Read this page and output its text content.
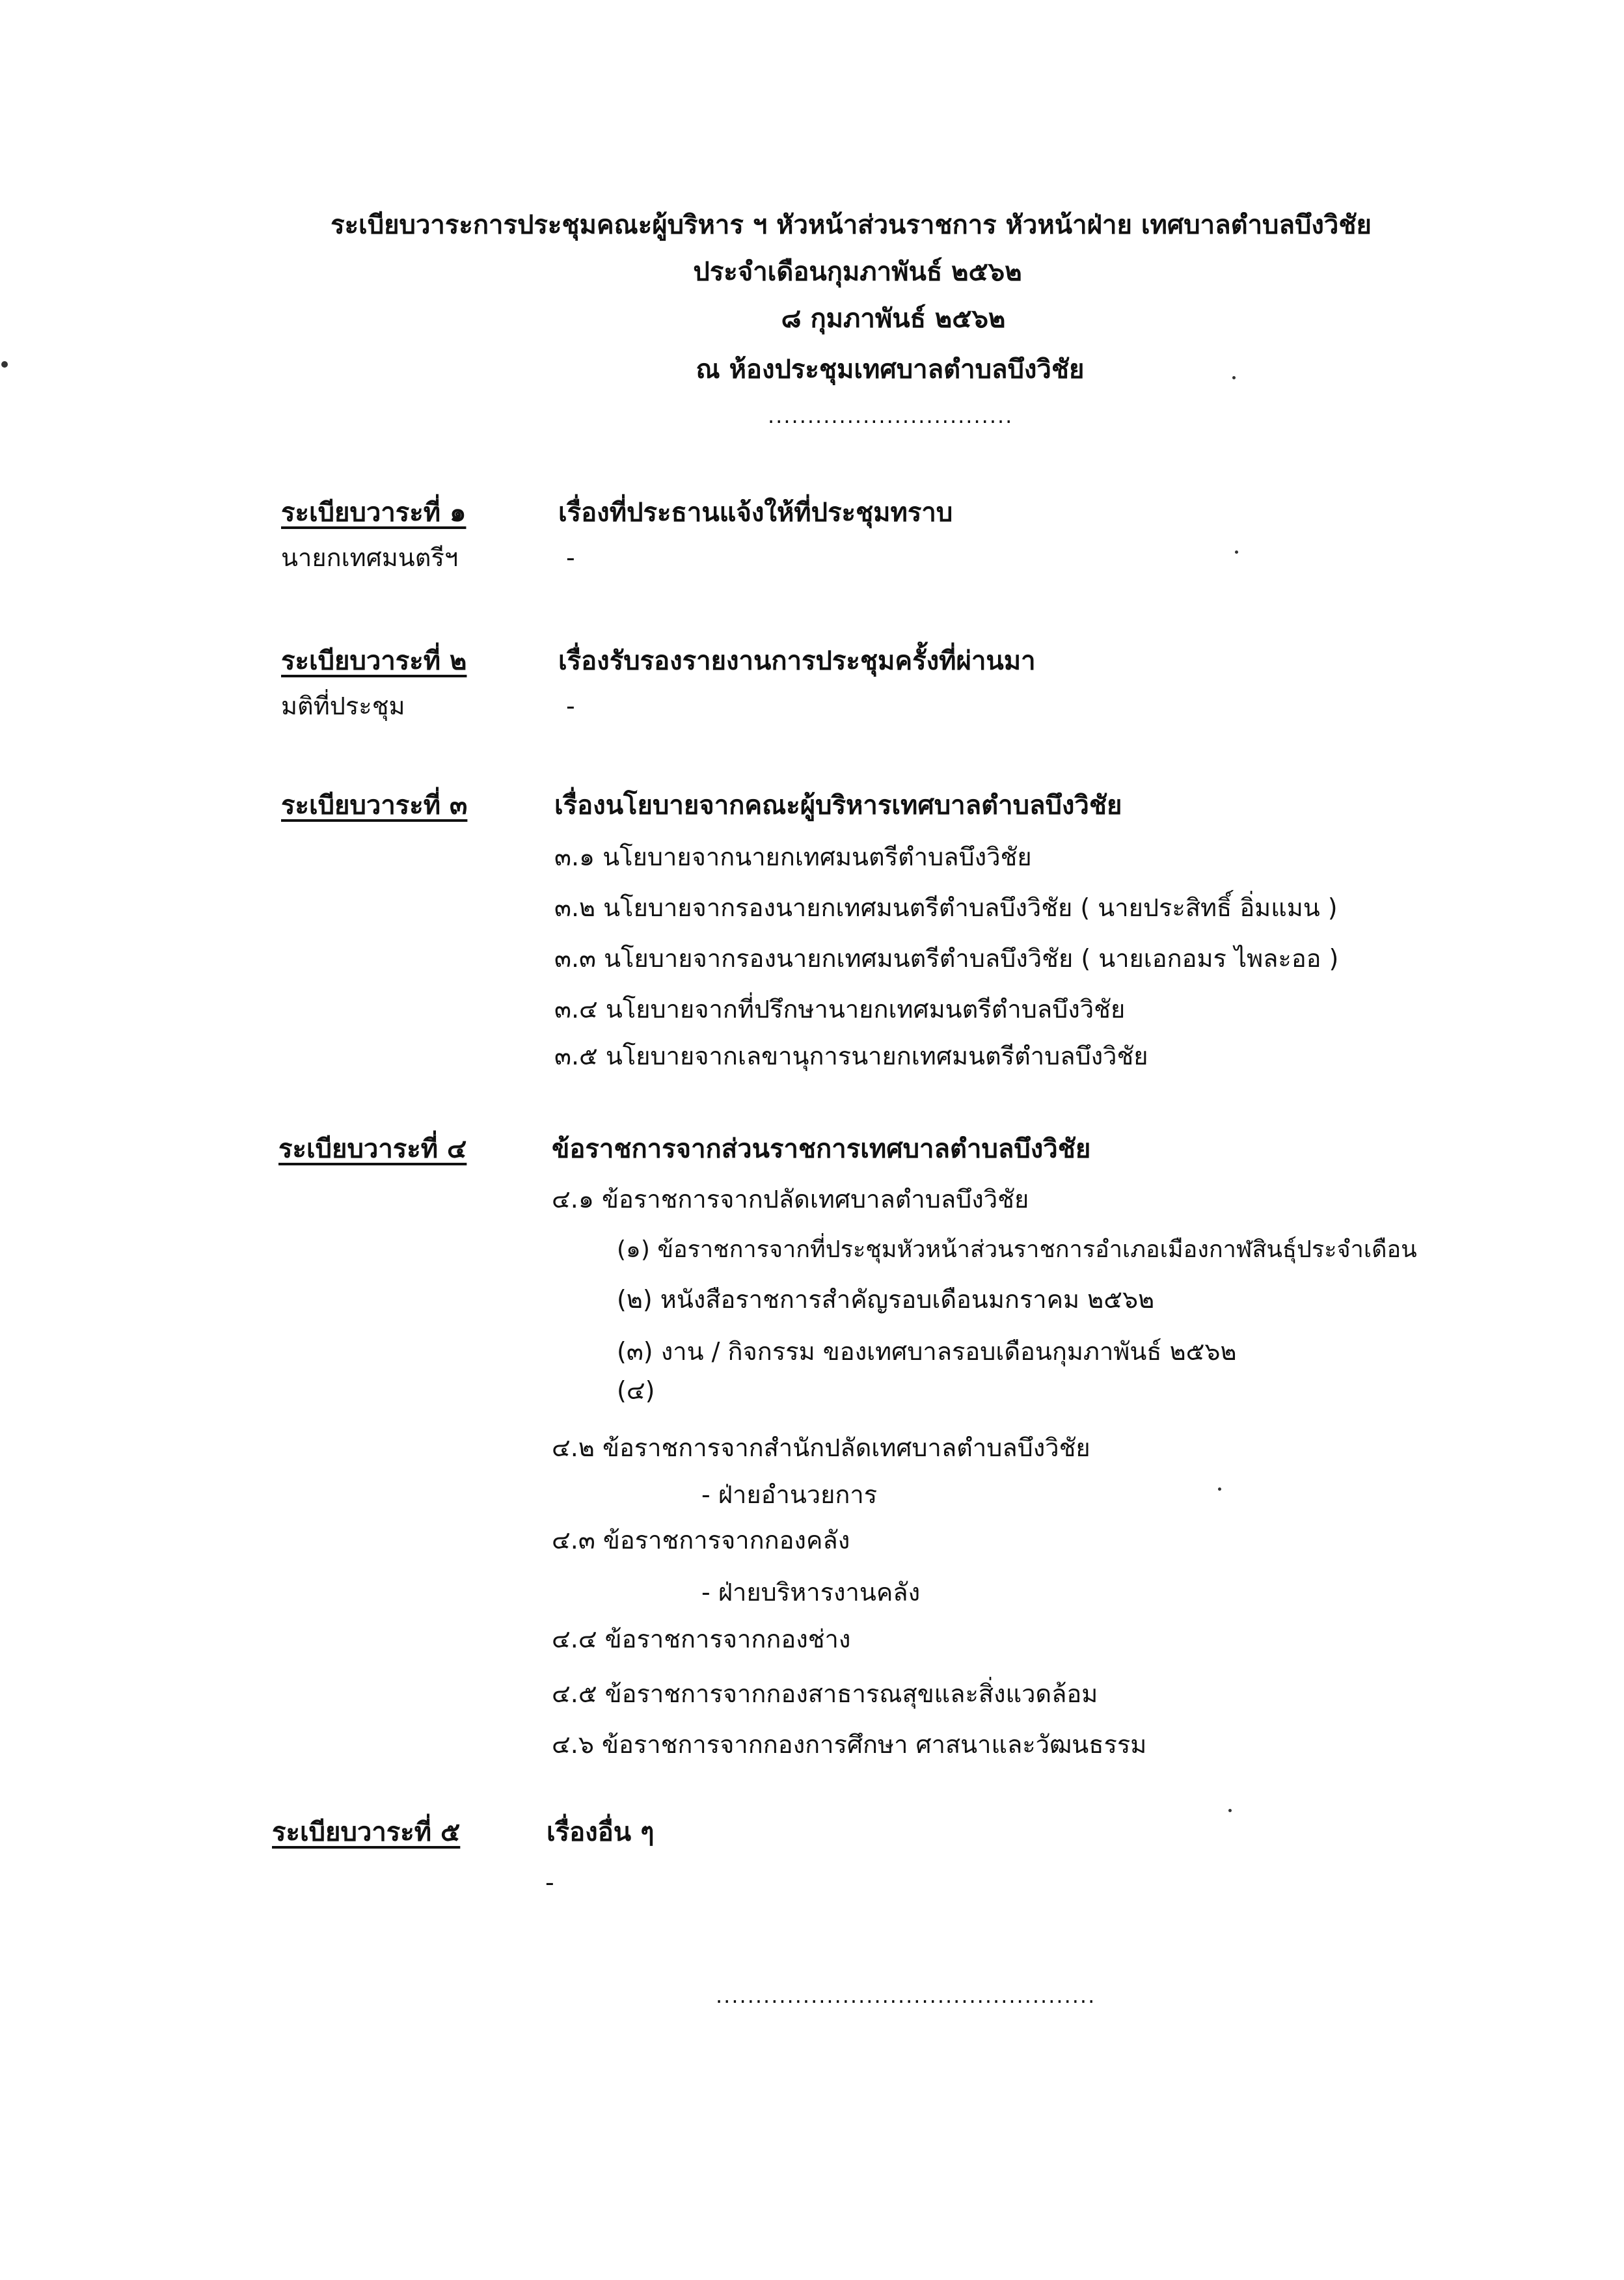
ระเบียบวาระการประชุมคณะผู้บริหาร ฯ หัวหน้าส่วนราชการ หัวหน้าฝ่าย เทศบาลตำบลบึงวิชัย
ประจำเดือนกุมภาพันธ์ ๒๕๖๒
๘ กุมภาพันธ์ ๒๕๖๒
ณ ห้องประชุมเทศบาลตำบลบึงวิชัย
...............................
ระเบียบวาระที่ ๑	เรื่องที่ประธานแจ้งให้ที่ประชุมทราบ
นายกเทศมนตรีฯ	-
ระเบียบวาระที่ ๒	เรื่องรับรองรายงานการประชุมครั้งที่ผ่านมา
มติที่ประชุม	-
ระเบียบวาระที่ ๓	เรื่องนโยบายจากคณะผู้บริหารเทศบาลตำบลบึงวิชัย
๓.๑ นโยบายจากนายกเทศมนตรีตำบลบึงวิชัย
๓.๒ นโยบายจากรองนายกเทศมนตรีตำบลบึงวิชัย ( นายประสิทธิ์ อิ่มแมน )
๓.๓ นโยบายจากรองนายกเทศมนตรีตำบลบึงวิชัย ( นายเอกอมร ไพละออ )
๓.๔ นโยบายจากที่ปรึกษานายกเทศมนตรีตำบลบึงวิชัย
๓.๕ นโยบายจากเลขานุการนายกเทศมนตรีตำบลบึงวิชัย
ระเบียบวาระที่ ๔	ข้อราชการจากส่วนราชการเทศบาลตำบลบึงวิชัย
๔.๑ ข้อราชการจากปลัดเทศบาลตำบลบึงวิชัย
(๑) ข้อราชการจากที่ประชุมหัวหน้าส่วนราชการอำเภอเมืองกาฬสินธุ์ประจำเดือน
(๒) หนังสือราชการสำคัญรอบเดือนมกราคม ๒๕๖๒
(๓) งาน / กิจกรรม ของเทศบาลรอบเดือนกุมภาพันธ์ ๒๕๖๒
(๔)
๔.๒ ข้อราชการจากสำนักปลัดเทศบาลตำบลบึงวิชัย
- ฝ่ายอำนวยการ
๔.๓ ข้อราชการจากกองคลัง
- ฝ่ายบริหารงานคลัง
๔.๔ ข้อราชการจากกองช่าง
๔.๕ ข้อราชการจากกองสาธารณสุขและสิ่งแวดล้อม
๔.๖ ข้อราชการจากกองการศึกษา ศาสนาและวัฒนธรรม
ระเบียบวาระที่ ๕	เรื่องอื่น ๆ
-
................................................
